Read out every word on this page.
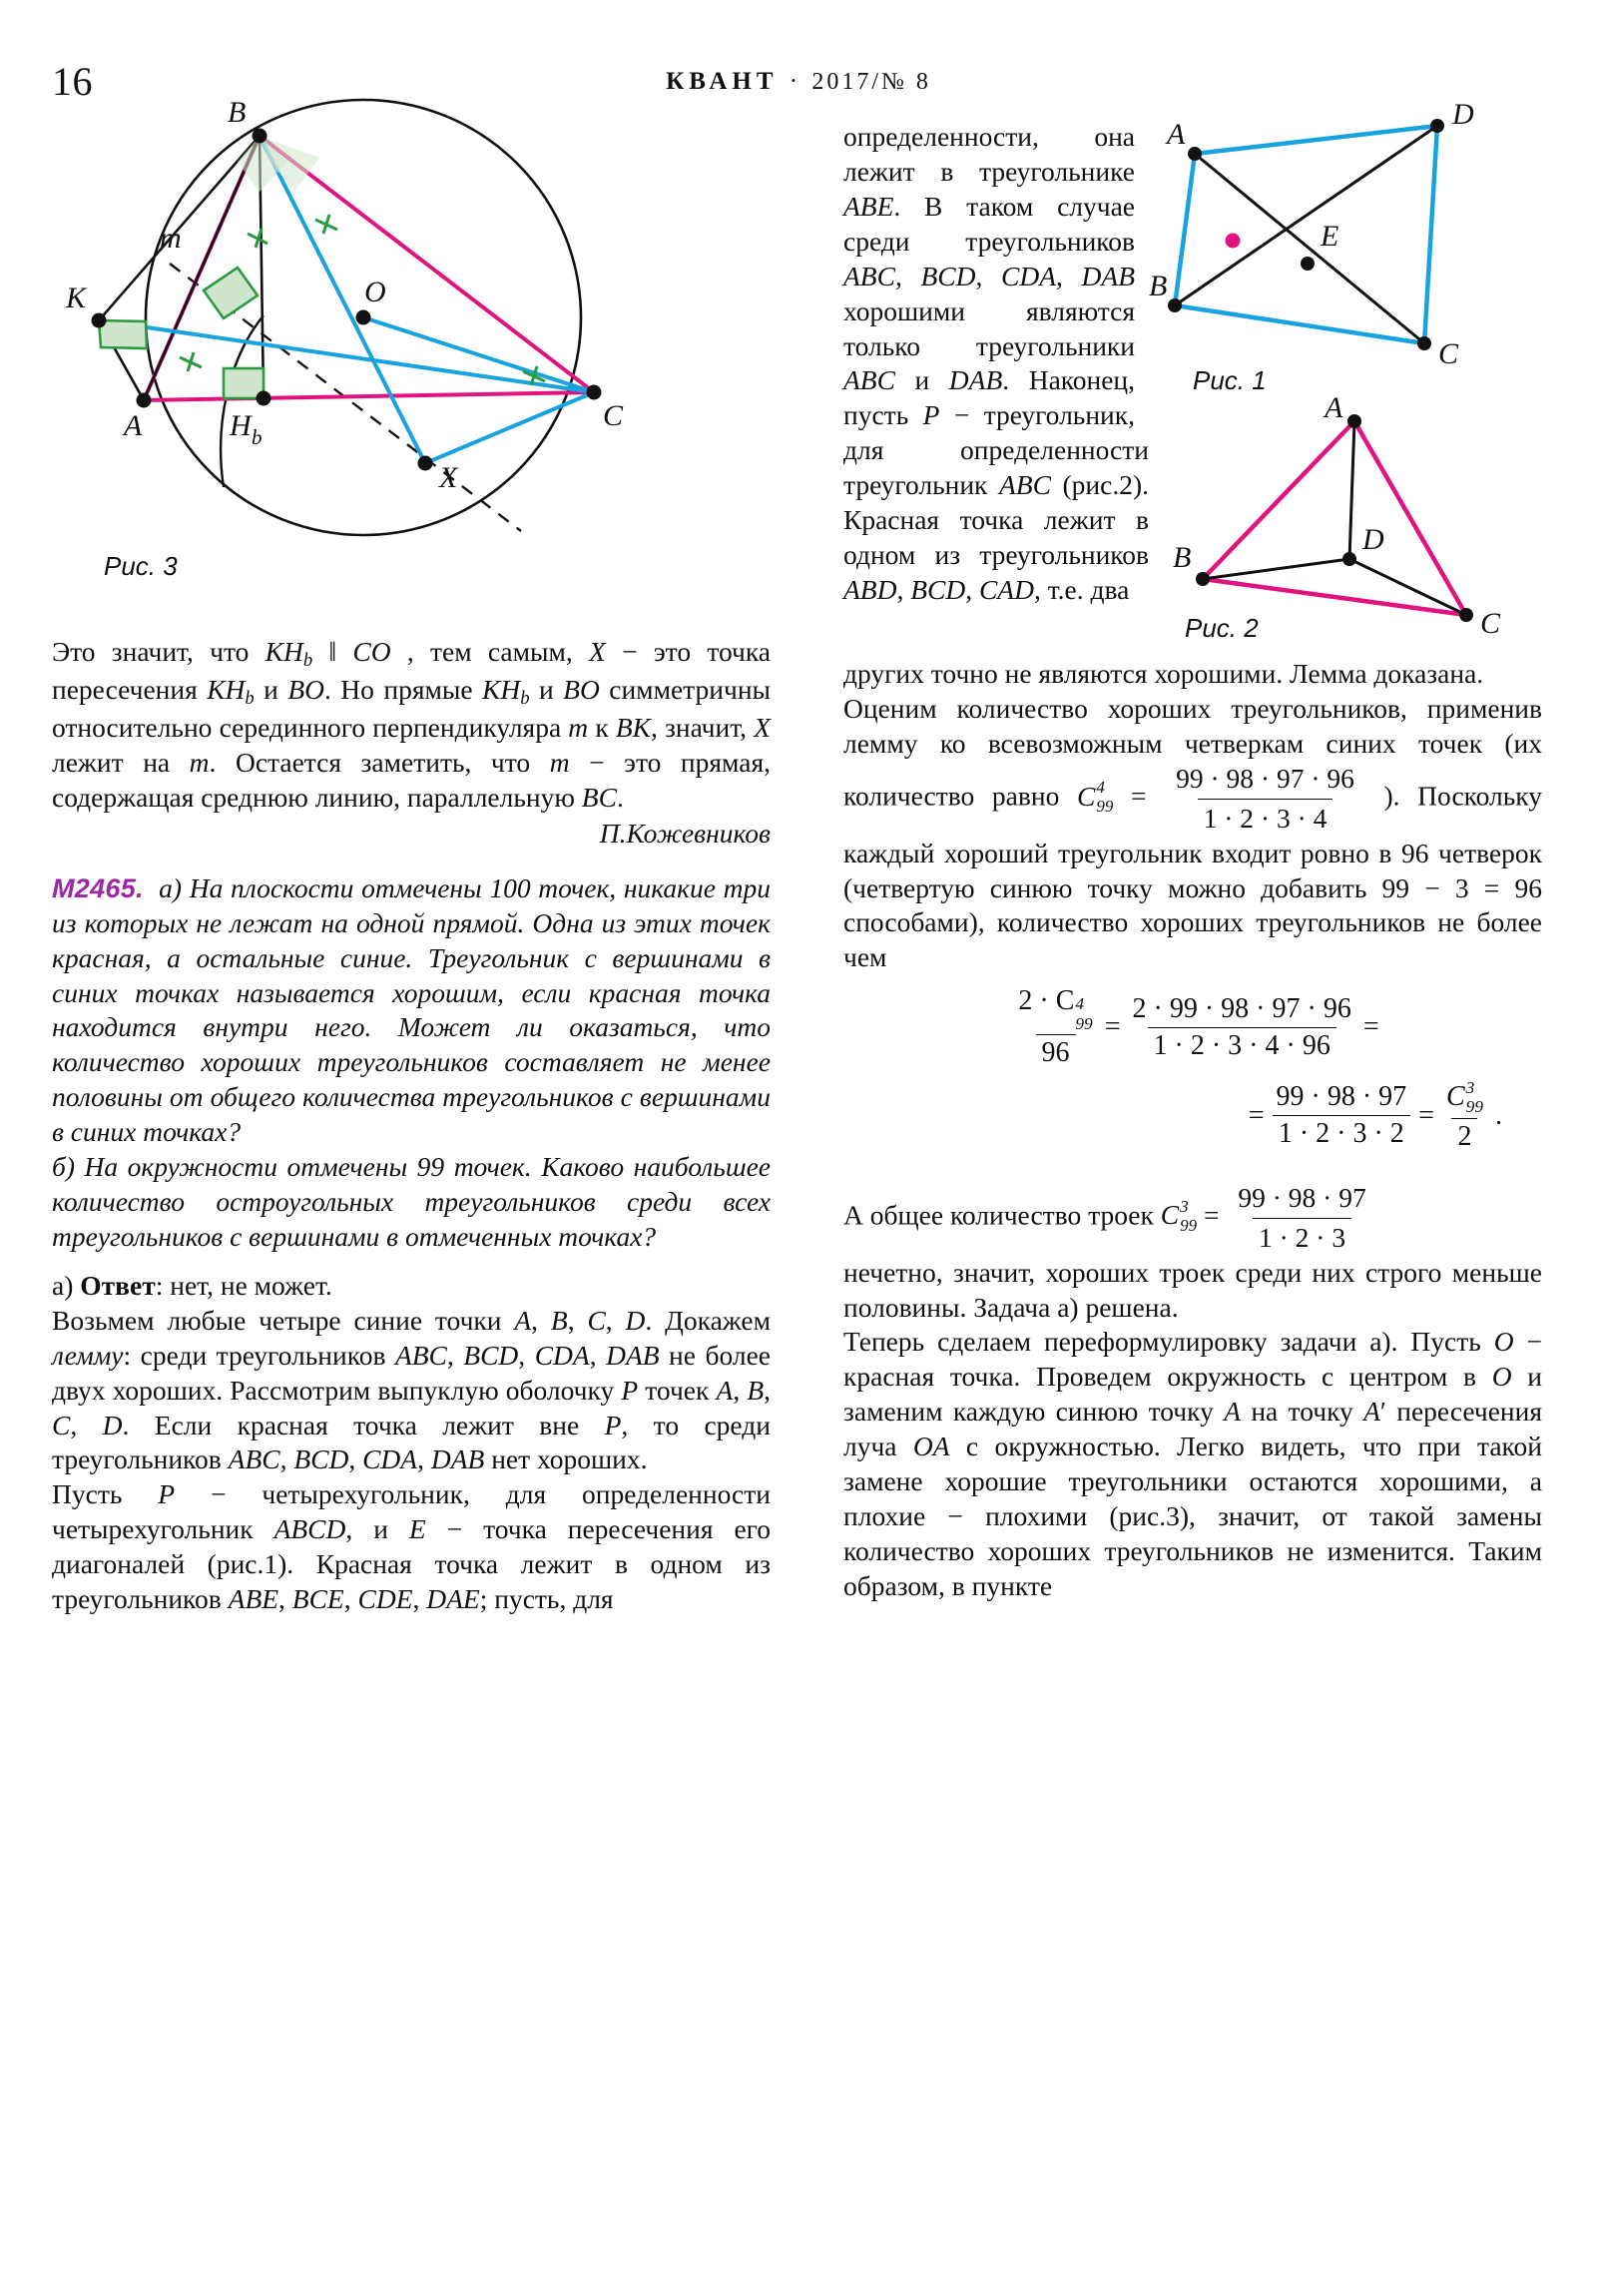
16	КВАНТ · 2017/№ 8
B
m
K	O
A	H b
C
X
Рис. 3

Это значит, что $KH_b$ ‖ CO , тем самым, X − это точка пересечения $KH_b$ и BO. Но прямые $KH_b$ и BO симметричны относительно серединного перпендикуляра m к BK, значит, X лежит на m. Остается заметить, что m − это прямая, содержащая среднюю линию, параллельную BC.

П.Кожевников

M2465. а) На плоскости отмечены 100 точек, никакие три из которых не лежат на одной прямой. Одна из этих точек красная, а остальные синие. Треугольник с вершинами в синих точках называется хорошим, если красная точка находится внутри него. Может ли оказаться, что количество хороших треугольников составляет не менее половины от общего количества треугольников с вершинами в синих точках?

б) На окружности отмечены 99 точек. Каково наибольшее количество остроугольных треугольников среди всех треугольников с вершинами в отмеченных точках?

а) Ответ: нет, не может.

Возьмем любые четыре синие точки A, B, C, D. Докажем лемму: среди треугольников ABC, BCD, CDA, DAB не более двух хороших. Рассмотрим выпуклую оболочку P точек A, B, C, D. Если красная точка лежит вне P, то среди треугольников ABC, BCD, CDA, DAB нет хороших.

Пусть P − четырехугольник, для определенности четырехугольник ABCD, и E − точка пересечения его диагоналей (рис.1). Красная точка лежит в одном из треугольников ABE, BCE, CDE, DAE; пусть, для

A
D
C
B
E
Рис. 1
A
B
C
D
Рис. 2

определенности, она лежит в треугольнике ABE. В таком случае среди треугольников ABC, BCD, CDA, DAB хорошими являются только треугольники ABC и DAB. Наконец, пусть P − треугольник, для определенности треугольник ABC (рис.2). Красная точка лежит в одном из треугольников ABD, BCD, CAD, т.е. два

других точно не являются хорошими. Лемма доказана.

Оценим количество хороших треугольников, применив лемму ко всевозможным четверкам синих точек (их количество равно C 4
$99 = \frac{99 \cdot 98 \cdot 97 \cdot 96}{1 \cdot 2 \cdot 3 \cdot 4}$ ). Поскольку каждый хороший треугольник входит ровно в 96 четверок (четвертую синюю точку можно добавить 99 − 3 = 96 способами), количество хороших треугольников не более чем

2 · C 4
99
$96 = \frac{2 \cdot 99 \cdot 98 \cdot 97 \cdot 96}{1 \cdot 2 \cdot 3 \cdot 4 \cdot 96}$ =
= $\frac{99 \cdot 98 \cdot 97}{1 \cdot 2 \cdot 3 \cdot 2} = C$ 3
99
2 .

А общее количество троек C 3
$99 = \frac{99 \cdot 98 \cdot 97}{1 \cdot 2 \cdot 3}$

нечетно, значит, хороших троек среди них строго меньше половины. Задача а) решена.

Теперь сделаем переформулировку задачи а). Пусть O − красная точка. Проведем окружность с центром в O и заменим каждую синюю точку A на точку A′ пересечения луча OA с окружностью. Легко видеть, что при такой замене хорошие треугольники остаются хорошими, а плохие − плохими (рис.3), значит, от такой замены количество хороших треугольников не изменится. Таким образом, в пункте
